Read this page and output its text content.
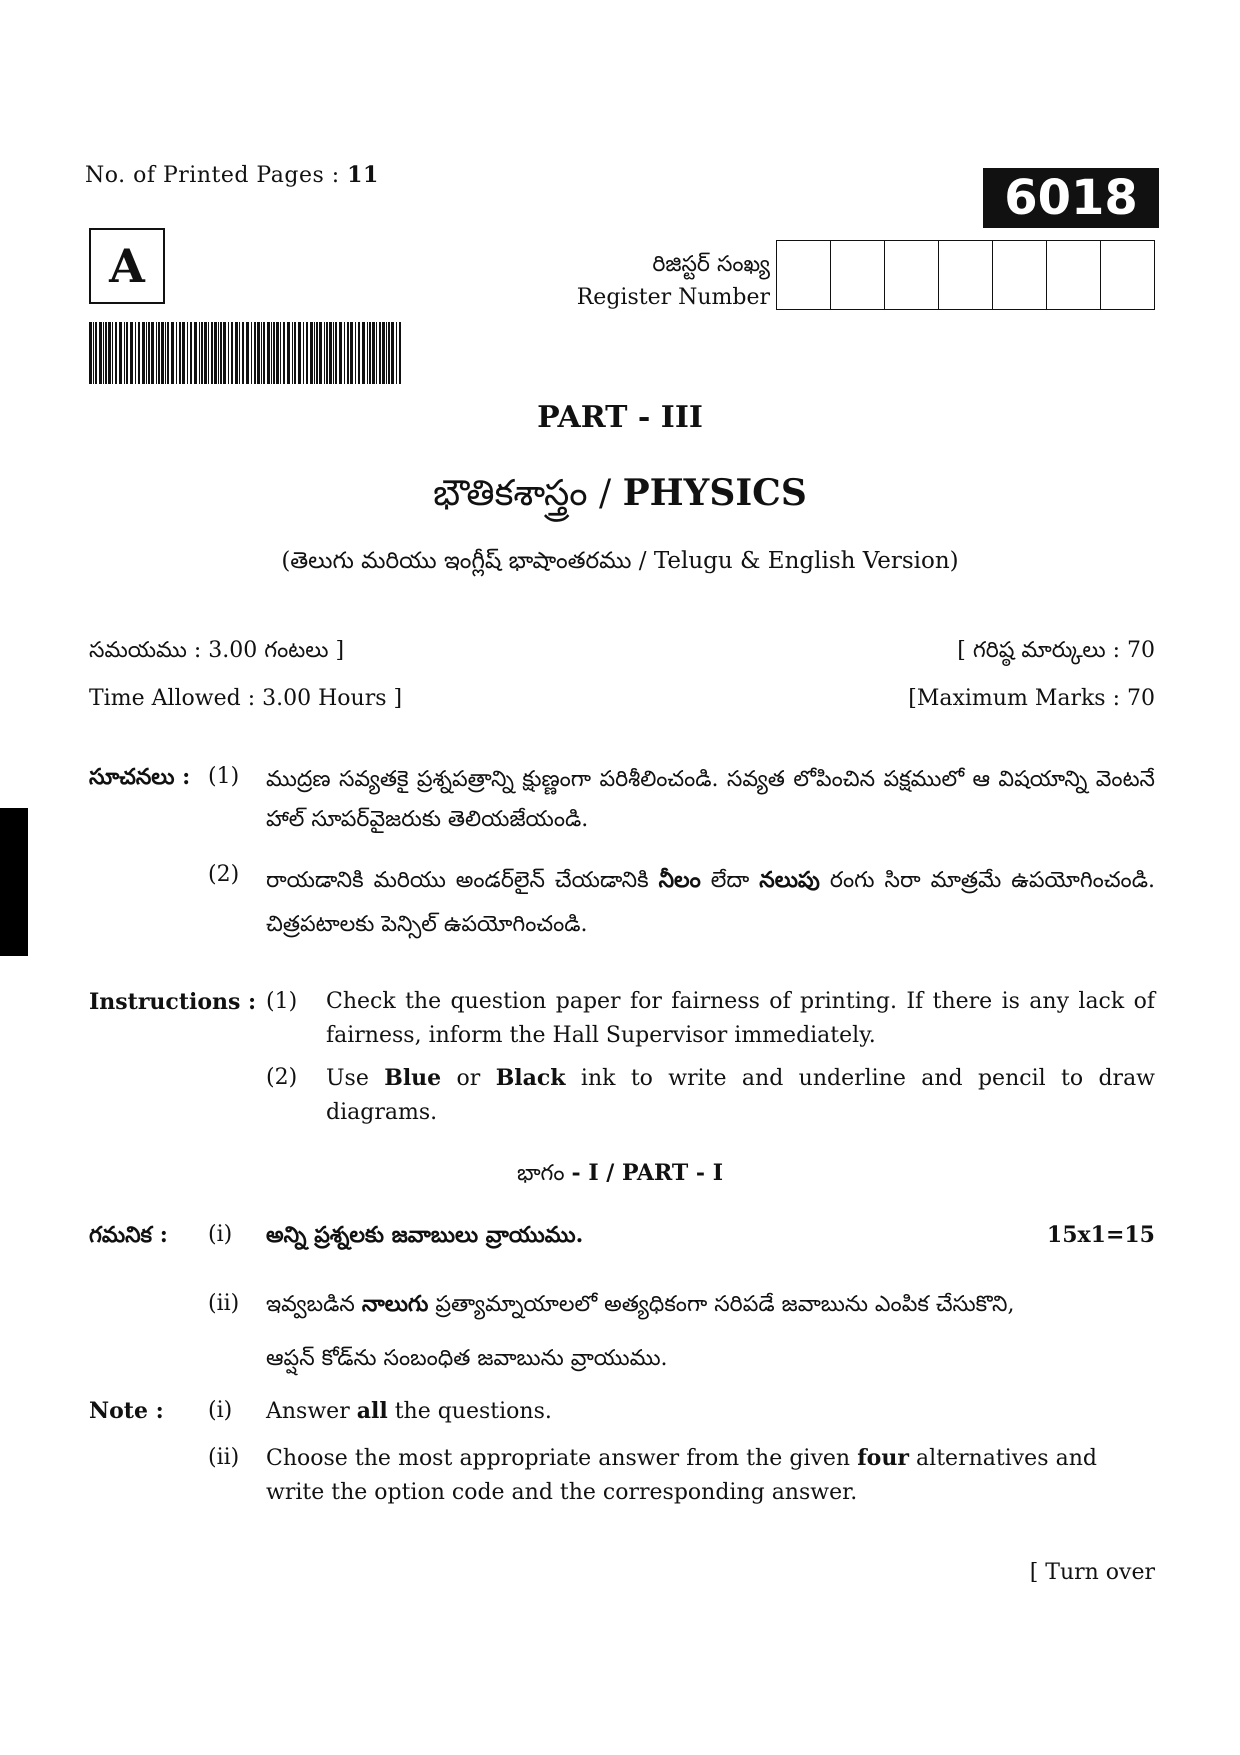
No. of Printed Pages : 11	6018
A	రిజిస్టర్ సంఖ్య
Register Number
PART - III
భౌతికశాస్త్రం / PHYSICS
(తెలుగు మరియు ఇంగ్లీష్ భాషాంతరము / Telugu & English Version)
సమయము : 3.00 గంటలు ]	[ గరిష్ఠ మార్కులు : 70
Time Allowed : 3.00 Hours ]	[Maximum Marks : 70
సూచనలు : (1)	ముద్రణ సవ్యతకై ప్రశ్నపత్రాన్ని క్షుణ్ణంగా పరిశీలించండి. సవ్యత లోపించిన పక్షములో ఆ విషయాన్ని వెంటనే హాల్ సూపర్‌వైజరుకు తెలియజేయండి.
(2)	రాయడానికి మరియు అండర్‌లైన్ చేయడానికి నీలం లేదా నలుపు రంగు సిరా మాత్రమే ఉపయోగించండి. చిత్రపటాలకు పెన్సిల్ ఉపయోగించండి.
Instructions : (1)	Check the question paper for fairness of printing. If there is any lack of fairness, inform the Hall Supervisor immediately.
(2)	Use Blue or Black ink to write and underline and pencil to draw diagrams.
భాగం - I / PART - I
గమనిక :	(i)	అన్ని ప్రశ్నలకు జవాబులు వ్రాయుము.	15x1=15
(ii)	ఇవ్వబడిన నాలుగు ప్రత్యామ్నాయాలలో అత్యధికంగా సరిపడే జవాబును ఎంపిక చేసుకొని,
ఆప్షన్ కోడ్‌ను సంబంధిత జవాబును వ్రాయుము.
Note :	(i)	Answer all the questions.
(ii)	Choose the most appropriate answer from the given four alternatives and write the option code and the corresponding answer.
[ Turn over
